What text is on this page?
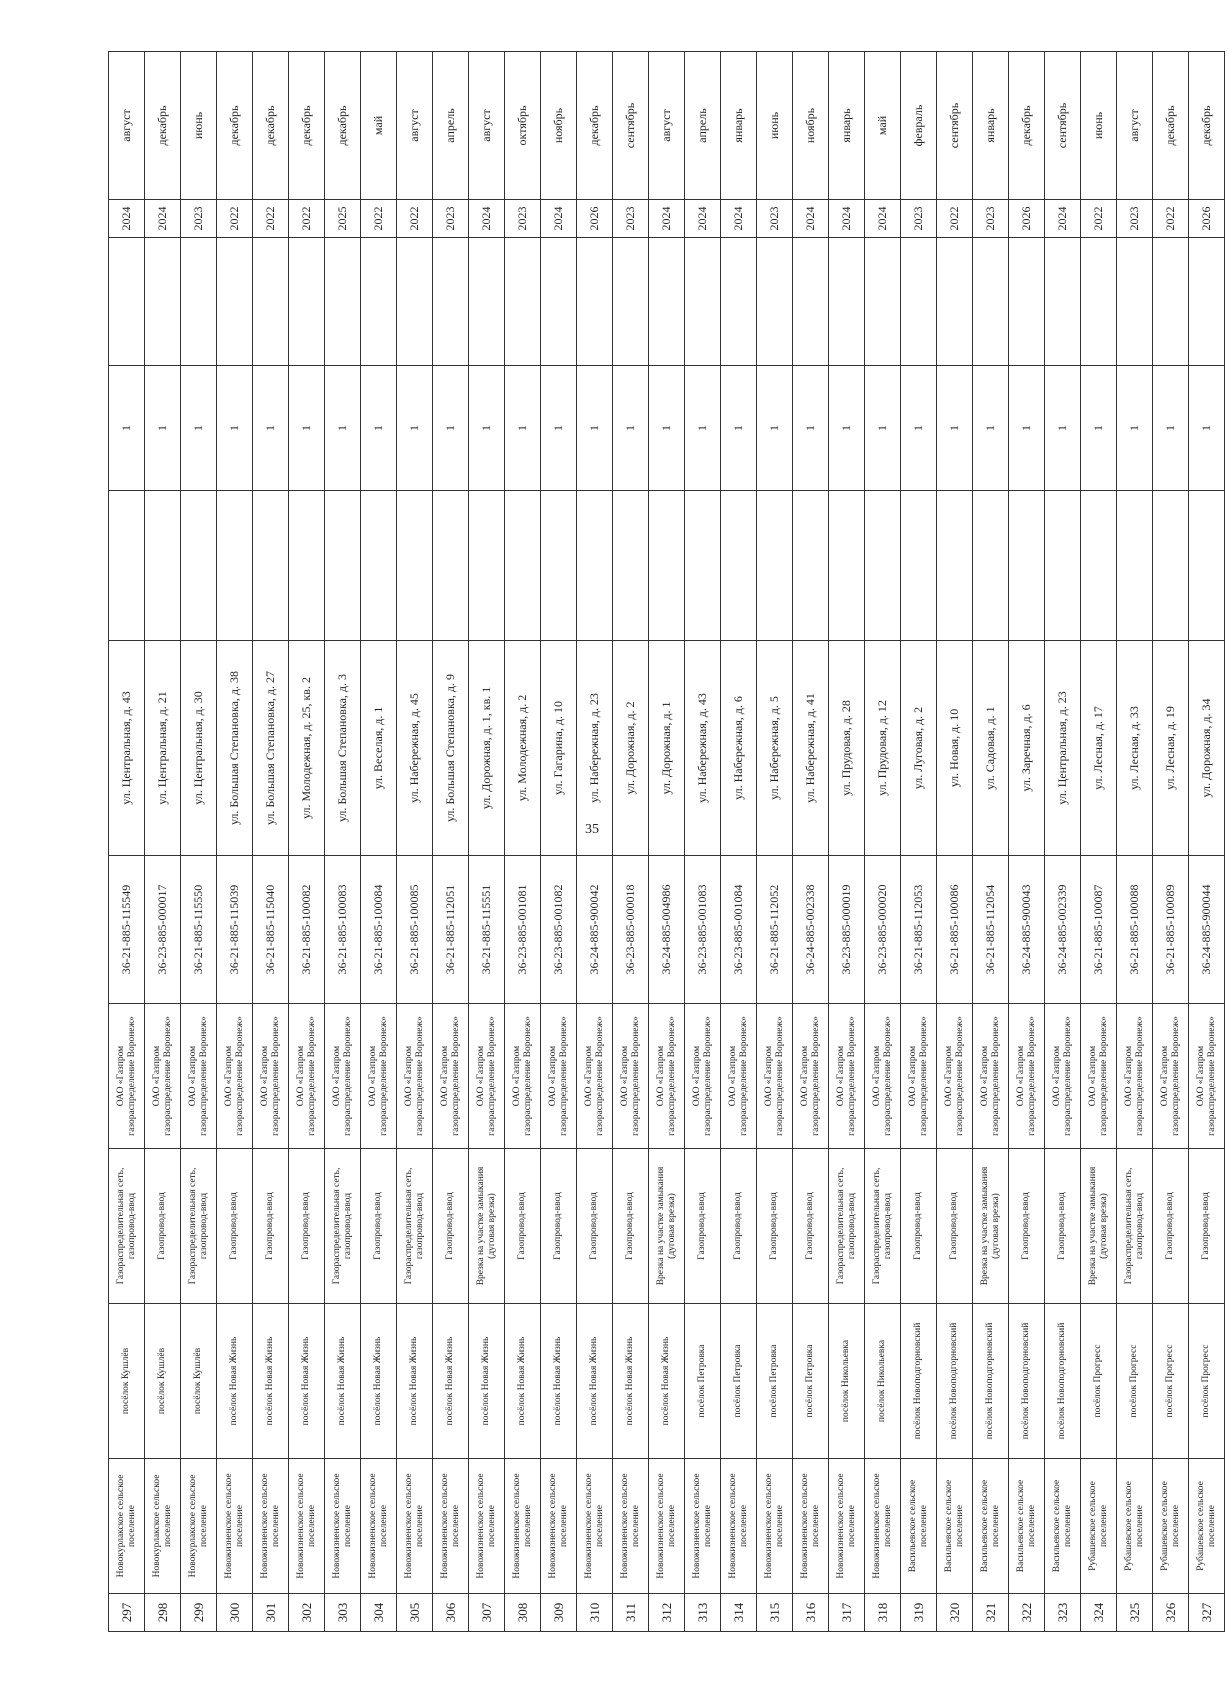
35
297	Новокурлакское сельское поселение	посёлок Кушлёв	Газораспределительная сеть, газопровод-ввод	ОАО «Газпром газораспределение Воронеж»	36-21-885-115549	ул. Центральная, д. 43		1		2024	август
298	Новокурлакское сельское поселение	посёлок Кушлёв	Газопровод-ввод	ОАО «Газпром газораспределение Воронеж»	36-23-885-000017	ул. Центральная, д. 21		1		2024	декабрь
299	Новокурлакское сельское поселение	посёлок Кушлёв	Газораспределительная сеть, газопровод-ввод	ОАО «Газпром газораспределение Воронеж»	36-21-885-115550	ул. Центральная, д. 30		1		2023	июнь
300	Новожизненское сельское поселение	посёлок Новая Жизнь	Газопровод-ввод	ОАО «Газпром газораспределение Воронеж»	36-21-885-115039	ул. Большая Степановка, д. 38		1		2022	декабрь
301	Новожизненское сельское поселение	посёлок Новая Жизнь	Газопровод-ввод	ОАО «Газпром газораспределение Воронеж»	36-21-885-115040	ул. Большая Степановка, д. 27		1		2022	декабрь
302	Новожизненское сельское поселение	посёлок Новая Жизнь	Газопровод-ввод	ОАО «Газпром газораспределение Воронеж»	36-21-885-100082	ул. Молодежная, д. 25, кв. 2		1		2022	декабрь
303	Новожизненское сельское поселение	посёлок Новая Жизнь	Газораспределительная сеть, газопровод-ввод	ОАО «Газпром газораспределение Воронеж»	36-21-885-100083	ул. Большая Степановка, д. 3		1		2025	декабрь
304	Новожизненское сельское поселение	посёлок Новая Жизнь	Газопровод-ввод	ОАО «Газпром газораспределение Воронеж»	36-21-885-100084	ул. Веселая, д. 1		1		2022	май
305	Новожизненское сельское поселение	посёлок Новая Жизнь	Газораспределительная сеть, газопровод-ввод	ОАО «Газпром газораспределение Воронеж»	36-21-885-100085	ул. Набережная, д. 45		1		2022	август
306	Новожизненское сельское поселение	посёлок Новая Жизнь	Газопровод-ввод	ОАО «Газпром газораспределение Воронеж»	36-21-885-112051	ул. Большая Степановка, д. 9		1		2023	апрель
307	Новожизненское сельское поселение	посёлок Новая Жизнь	Врезка на участке замыкания (дуговая врезка)	ОАО «Газпром газораспределение Воронеж»	36-21-885-115551	ул. Дорожная, д. 1, кв. 1		1		2024	август
308	Новожизненское сельское поселение	посёлок Новая Жизнь	Газопровод-ввод	ОАО «Газпром газораспределение Воронеж»	36-23-885-001081	ул. Молодежная, д. 2		1		2023	октябрь
309	Новожизненское сельское поселение	посёлок Новая Жизнь	Газопровод-ввод	ОАО «Газпром газораспределение Воронеж»	36-23-885-001082	ул. Гагарина, д. 10		1		2024	ноябрь
310	Новожизненское сельское поселение	посёлок Новая Жизнь	Газопровод-ввод	ОАО «Газпром газораспределение Воронеж»	36-24-885-900042	ул. Набережная, д. 23		1		2026	декабрь
311	Новожизненское сельское поселение	посёлок Новая Жизнь	Газопровод-ввод	ОАО «Газпром газораспределение Воронеж»	36-23-885-000018	ул. Дорожная, д. 2		1		2023	сентябрь
312	Новожизненское сельское поселение	посёлок Новая Жизнь	Врезка на участке замыкания (дуговая врезка)	ОАО «Газпром газораспределение Воронеж»	36-24-885-004986	ул. Дорожная, д. 1		1		2024	август
313	Новожизненское сельское поселение	посёлок Петровка	Газопровод-ввод	ОАО «Газпром газораспределение Воронеж»	36-23-885-001083	ул. Набережная, д. 43		1		2024	апрель
314	Новожизненское сельское поселение	посёлок Петровка	Газопровод-ввод	ОАО «Газпром газораспределение Воронеж»	36-23-885-001084	ул. Набережная, д. 6		1		2024	январь
315	Новожизненское сельское поселение	посёлок Петровка	Газопровод-ввод	ОАО «Газпром газораспределение Воронеж»	36-21-885-112052	ул. Набережная, д. 5		1		2023	июнь
316	Новожизненское сельское поселение	посёлок Петровка	Газопровод-ввод	ОАО «Газпром газораспределение Воронеж»	36-24-885-002338	ул. Набережная, д. 41		1		2024	ноябрь
317	Новожизненское сельское поселение	посёлок Никольевка	Газораспределительная сеть, газопровод-ввод	ОАО «Газпром газораспределение Воронеж»	36-23-885-000019	ул. Прудовая, д. 28		1		2024	январь
318	Новожизненское сельское поселение	посёлок Никольевка	Газораспределительная сеть, газопровод-ввод	ОАО «Газпром газораспределение Воронеж»	36-23-885-000020	ул. Прудовая, д. 12		1		2024	май
319	Васильевское сельское поселение	посёлок Новоподгорновский	Газопровод-ввод	ОАО «Газпром газораспределение Воронеж»	36-21-885-112053	ул. Луговая, д. 2		1		2023	февраль
320	Васильевское сельское поселение	посёлок Новоподгорновский	Газопровод-ввод	ОАО «Газпром газораспределение Воронеж»	36-21-885-100086	ул. Новая, д. 10		1		2022	сентябрь
321	Васильевское сельское поселение	посёлок Новоподгорновский	Врезка на участке замыкания (дуговая врезка)	ОАО «Газпром газораспределение Воронеж»	36-21-885-112054	ул. Садовая, д. 1		1		2023	январь
322	Васильевское сельское поселение	посёлок Новоподгорновский	Газопровод-ввод	ОАО «Газпром газораспределение Воронеж»	36-24-885-900043	ул. Заречная, д. 6		1		2026	декабрь
323	Васильевское сельское поселение	посёлок Новоподгорновский	Газопровод-ввод	ОАО «Газпром газораспределение Воронеж»	36-24-885-002339	ул. Центральная, д. 23		1		2024	сентябрь
324	Рубашевское сельское поселение	посёлок Прогресс	Врезка на участке замыкания (дуговая врезка)	ОАО «Газпром газораспределение Воронеж»	36-21-885-100087	ул. Лесная, д. 17		1		2022	июнь
325	Рубашевское сельское поселение	посёлок Прогресс	Газораспределительная сеть, газопровод-ввод	ОАО «Газпром газораспределение Воронеж»	36-21-885-100088	ул. Лесная, д. 33		1		2023	август
326	Рубашевское сельское поселение	посёлок Прогресс	Газопровод-ввод	ОАО «Газпром газораспределение Воронеж»	36-21-885-100089	ул. Лесная, д. 19		1		2022	декабрь
327	Рубашевское сельское поселение	посёлок Прогресс	Газопровод-ввод	ОАО «Газпром газораспределение Воронеж»	36-24-885-900044	ул. Дорожная, д. 34		1		2026	декабрь
